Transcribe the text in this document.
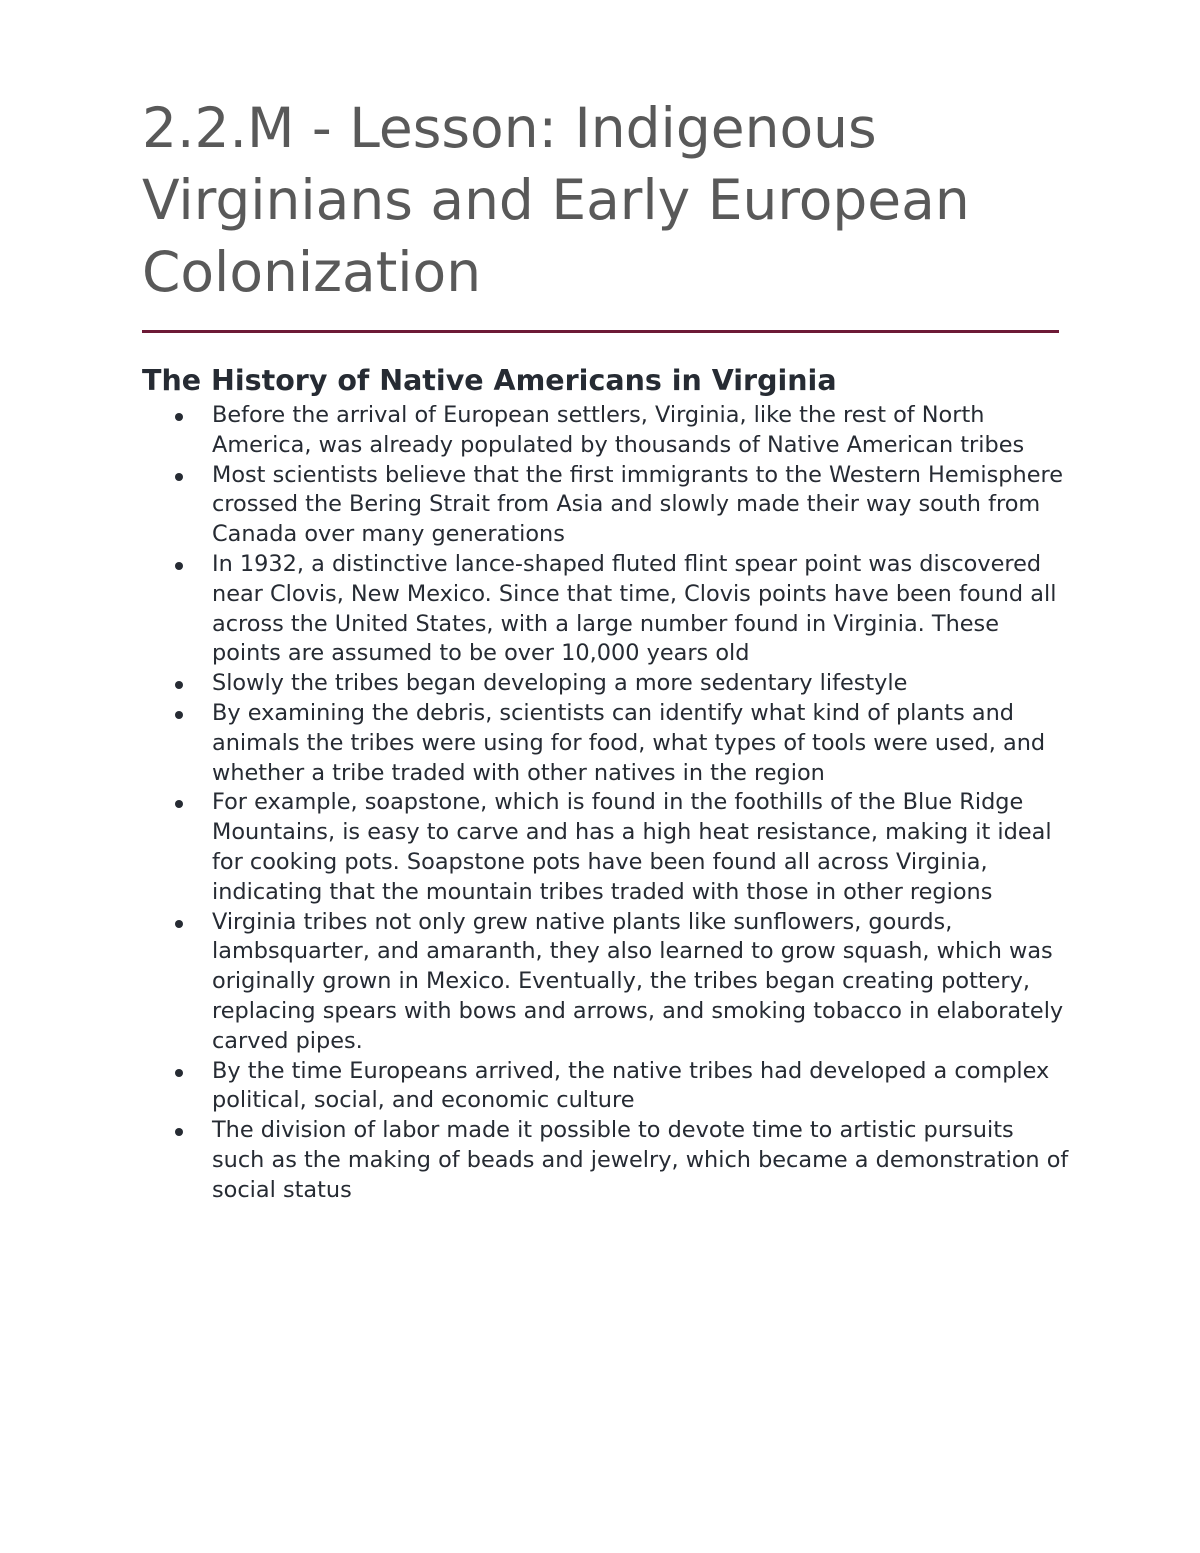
2.2.M - Lesson: Indigenous Virginians and Early European Colonization
The History of Native Americans in Virginia
Before the arrival of European settlers, Virginia, like the rest of North America, was already populated by thousands of Native American tribes
Most scientists believe that the first immigrants to the Western Hemisphere crossed the Bering Strait from Asia and slowly made their way south from Canada over many generations
In 1932, a distinctive lance-shaped fluted flint spear point was discovered near Clovis, New Mexico. Since that time, Clovis points have been found all across the United States, with a large number found in Virginia. These points are assumed to be over 10,000 years old
Slowly the tribes began developing a more sedentary lifestyle
By examining the debris, scientists can identify what kind of plants and animals the tribes were using for food, what types of tools were used, and whether a tribe traded with other natives in the region
For example, soapstone, which is found in the foothills of the Blue Ridge Mountains, is easy to carve and has a high heat resistance, making it ideal for cooking pots. Soapstone pots have been found all across Virginia, indicating that the mountain tribes traded with those in other regions
Virginia tribes not only grew native plants like sunflowers, gourds, lambsquarter, and amaranth, they also learned to grow squash, which was originally grown in Mexico. Eventually, the tribes began creating pottery, replacing spears with bows and arrows, and smoking tobacco in elaborately carved pipes.
By the time Europeans arrived, the native tribes had developed a complex political, social, and economic culture
The division of labor made it possible to devote time to artistic pursuits such as the making of beads and jewelry, which became a demonstration of social status
